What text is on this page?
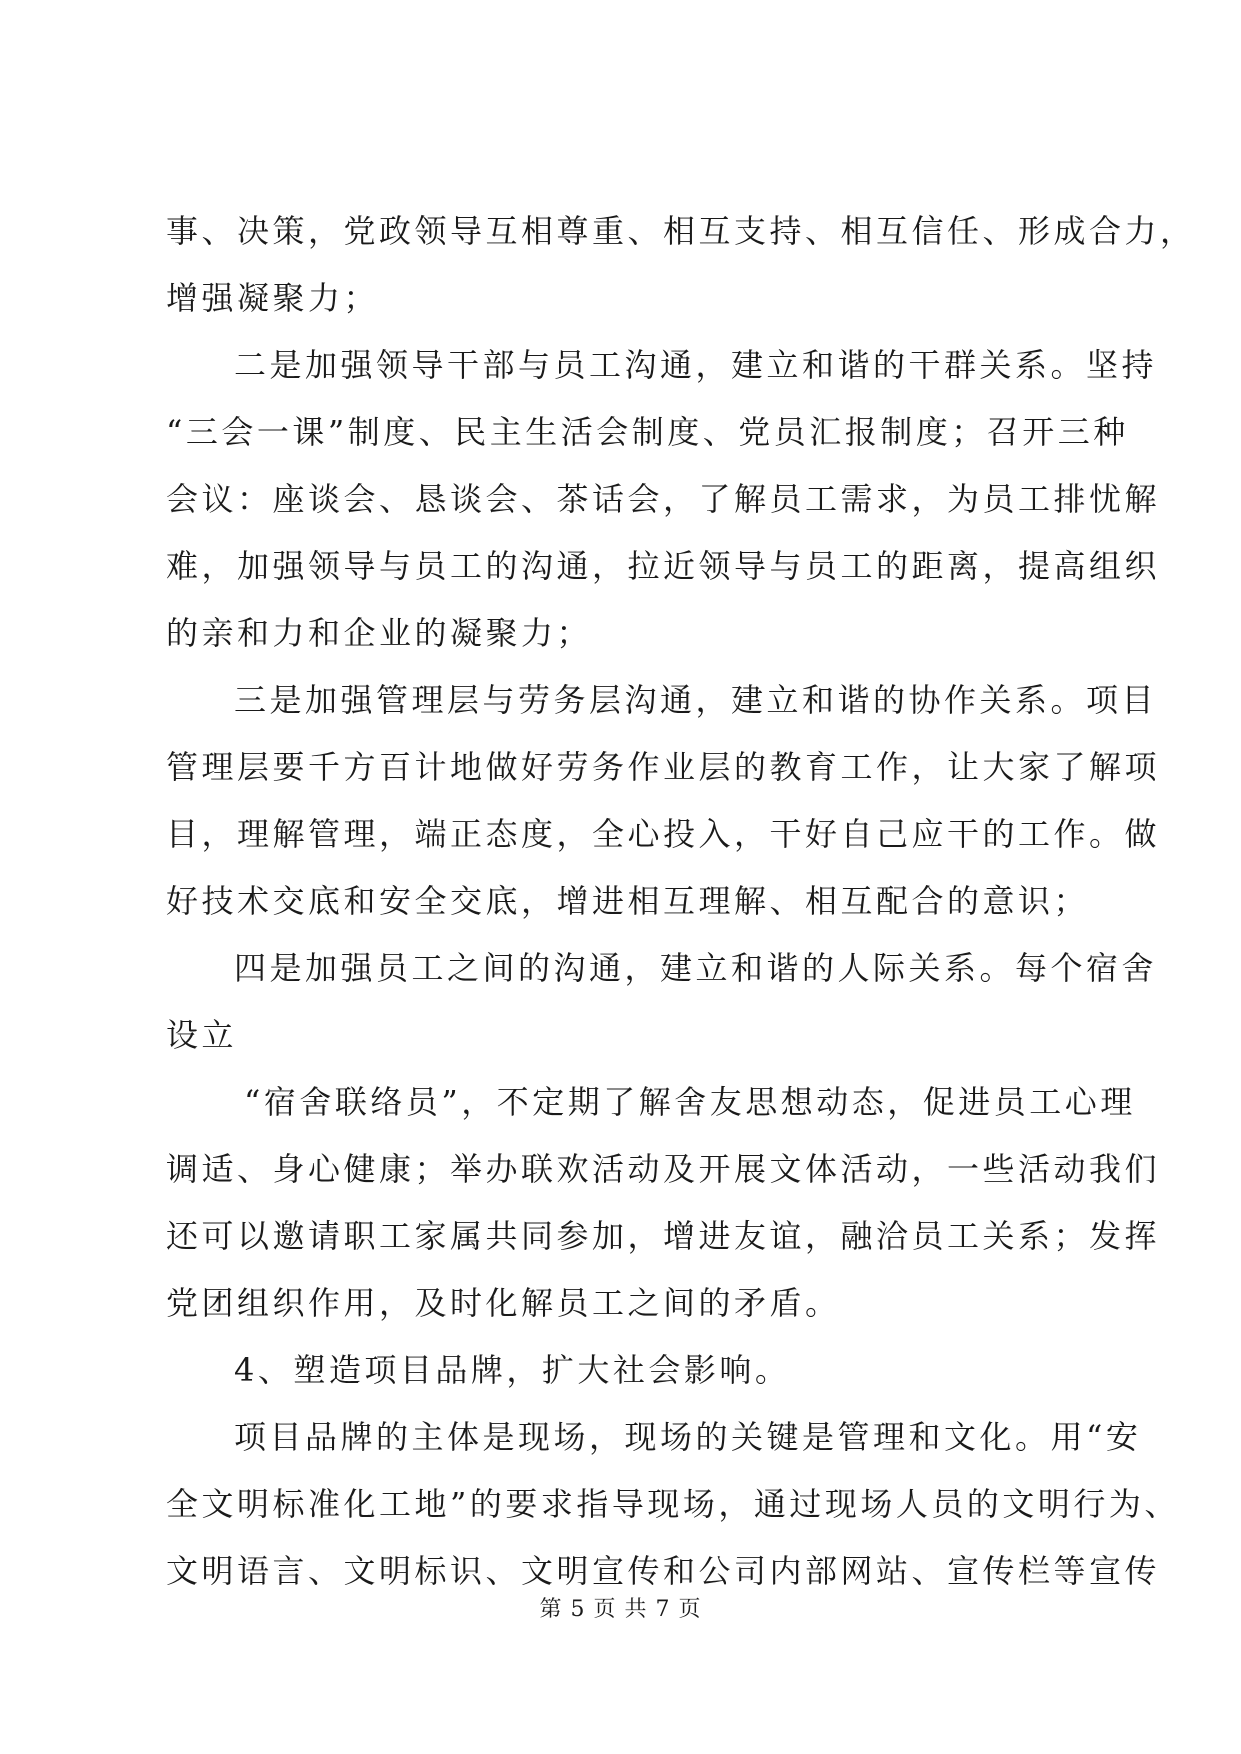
事、决策，党政领导互相尊重、相互支持、相互信任、形成合力，
增强凝聚力；
二是加强领导干部与员工沟通，建立和谐的干群关系。坚持
“三会一课”制度、民主生活会制度、党员汇报制度；召开三种
会议：座谈会、恳谈会、茶话会，了解员工需求，为员工排忧解
难，加强领导与员工的沟通，拉近领导与员工的距离，提高组织
的亲和力和企业的凝聚力；
三是加强管理层与劳务层沟通，建立和谐的协作关系。项目
管理层要千方百计地做好劳务作业层的教育工作，让大家了解项
目，理解管理，端正态度，全心投入，干好自己应干的工作。做
好技术交底和安全交底，增进相互理解、相互配合的意识；
四是加强员工之间的沟通，建立和谐的人际关系。每个宿舍
设立
“宿舍联络员”，不定期了解舍友思想动态，促进员工心理
调适、身心健康；举办联欢活动及开展文体活动，一些活动我们
还可以邀请职工家属共同参加，增进友谊，融洽员工关系；发挥
党团组织作用，及时化解员工之间的矛盾。
4、塑造项目品牌，扩大社会影响。
项目品牌的主体是现场，现场的关键是管理和文化。用“安
全文明标准化工地”的要求指导现场，通过现场人员的文明行为、
文明语言、文明标识、文明宣传和公司内部网站、宣传栏等宣传
第 5 页 共 7 页
